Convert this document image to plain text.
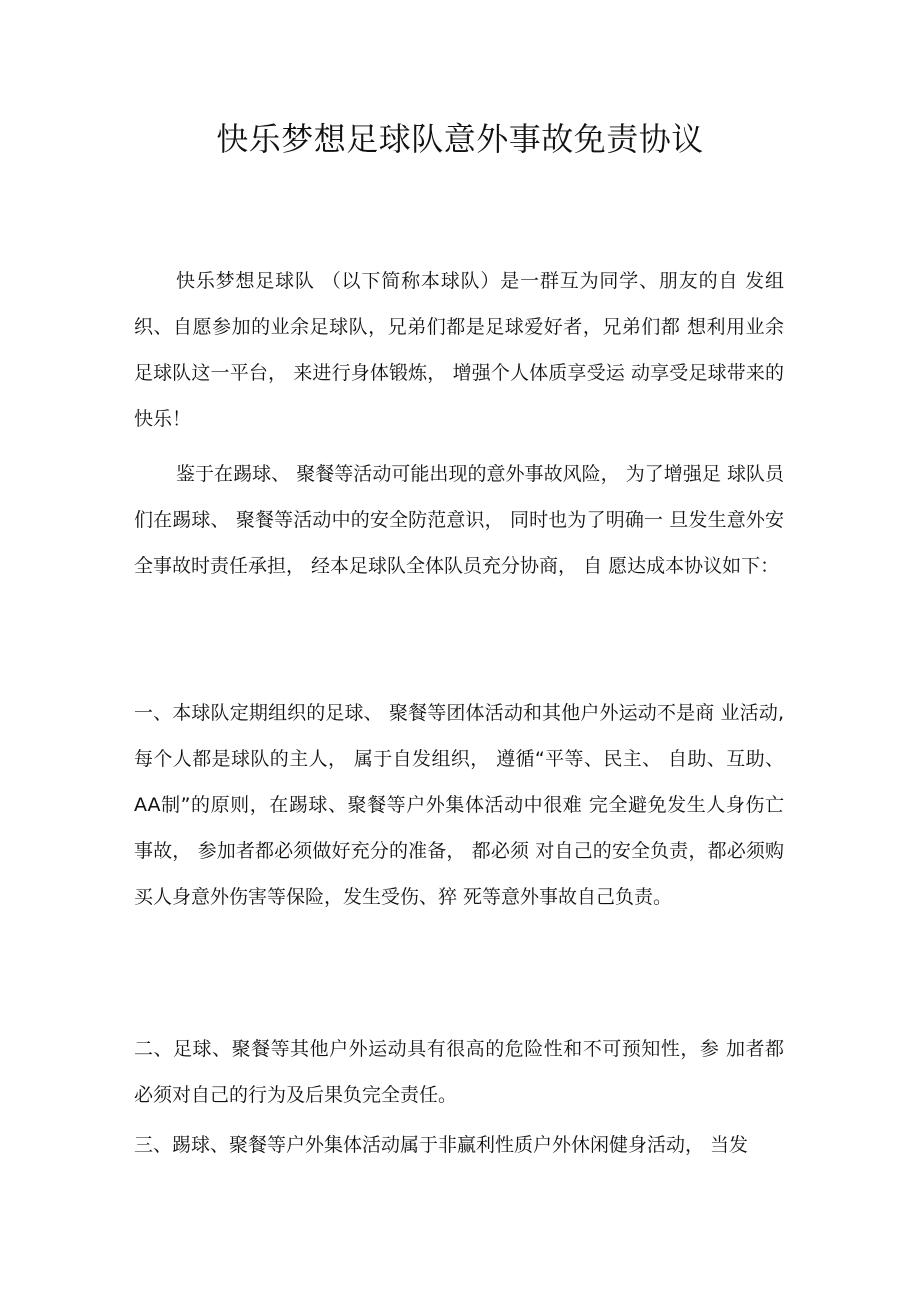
快乐梦想足球队意外事故免责协议

快乐梦想足球队 （以下简称本球队）是一群互为同学、朋友的自 发组织、自愿参加的业余足球队，兄弟们都是足球爱好者，兄弟们都 想利用业余足球队这一平台， 来进行身体锻炼， 增强个人体质享受运 动享受足球带来的快乐！

鉴于在踢球、 聚餐等活动可能出现的意外事故风险， 为了增强足 球队员们在踢球、 聚餐等活动中的安全防范意识， 同时也为了明确一 旦发生意外安全事故时责任承担， 经本足球队全体队员充分协商， 自 愿达成本协议如下：

一、本球队定期组织的足球、 聚餐等团体活动和其他户外运动不是商 业活动,每个人都是球队的主人， 属于自发组织， 遵循“平等、民主、 自助、互助、 AA制”的原则，在踢球、聚餐等户外集体活动中很难 完全避免发生人身伤亡事故， 参加者都必须做好充分的准备， 都必须 对自己的安全负责，都必须购买人身意外伤害等保险，发生受伤、猝 死等意外事故自己负责。

二、足球、聚餐等其他户外运动具有很高的危险性和不可预知性，参 加者都必须对自己的行为及后果负完全责任。

三、踢球、聚餐等户外集体活动属于非赢利性质户外休闲健身活动， 当发
